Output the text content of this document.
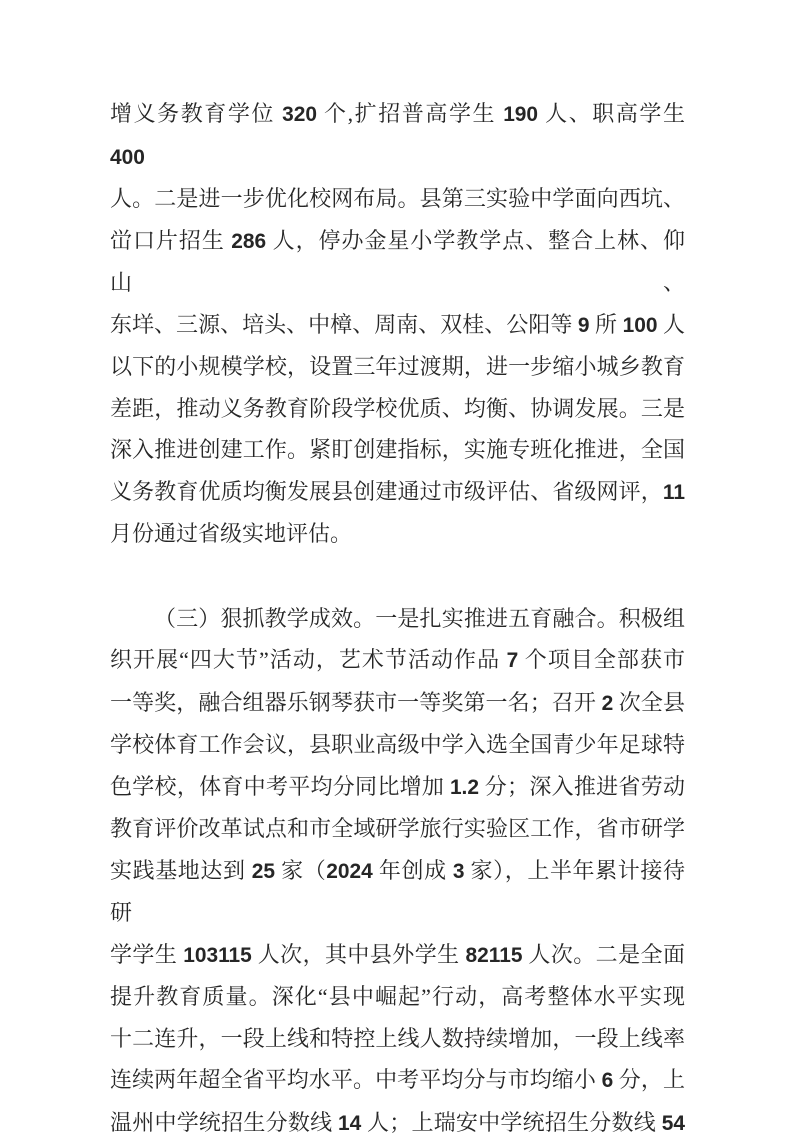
增义务教育学位 320 个,扩招普高学生 190 人、职高学生 400
人。二是进一步优化校网布局。县第三实验中学面向西坑、
峃口片招生 286 人，停办金星小学教学点、整合上林、仰山、
东垟、三源、培头、中樟、周南、双桂、公阳等 9 所 100 人
以下的小规模学校，设置三年过渡期，进一步缩小城乡教育
差距，推动义务教育阶段学校优质、均衡、协调发展。三是
深入推进创建工作。紧盯创建指标，实施专班化推进，全国
义务教育优质均衡发展县创建通过市级评估、省级网评，11
月份通过省级实地评估。
（三）狠抓教学成效。一是扎实推进五育融合。积极组
织开展“四大节”活动，艺术节活动作品 7 个项目全部获市
一等奖，融合组器乐钢琴获市一等奖第一名；召开 2 次全县
学校体育工作会议，县职业高级中学入选全国青少年足球特
色学校，体育中考平均分同比增加 1.2 分；深入推进省劳动
教育评价改革试点和市全域研学旅行实验区工作，省市研学
实践基地达到 25 家（2024 年创成 3 家），上半年累计接待研
学学生 103115 人次，其中县外学生 82115 人次。二是全面
提升教育质量。深化“县中崛起”行动，高考整体水平实现
十二连升，一段上线和特控上线人数持续增加，一段上线率
连续两年超全省平均水平。中考平均分与市均缩小 6 分，上
温州中学统招生分数线 14 人；上瑞安中学统招生分数线 54
